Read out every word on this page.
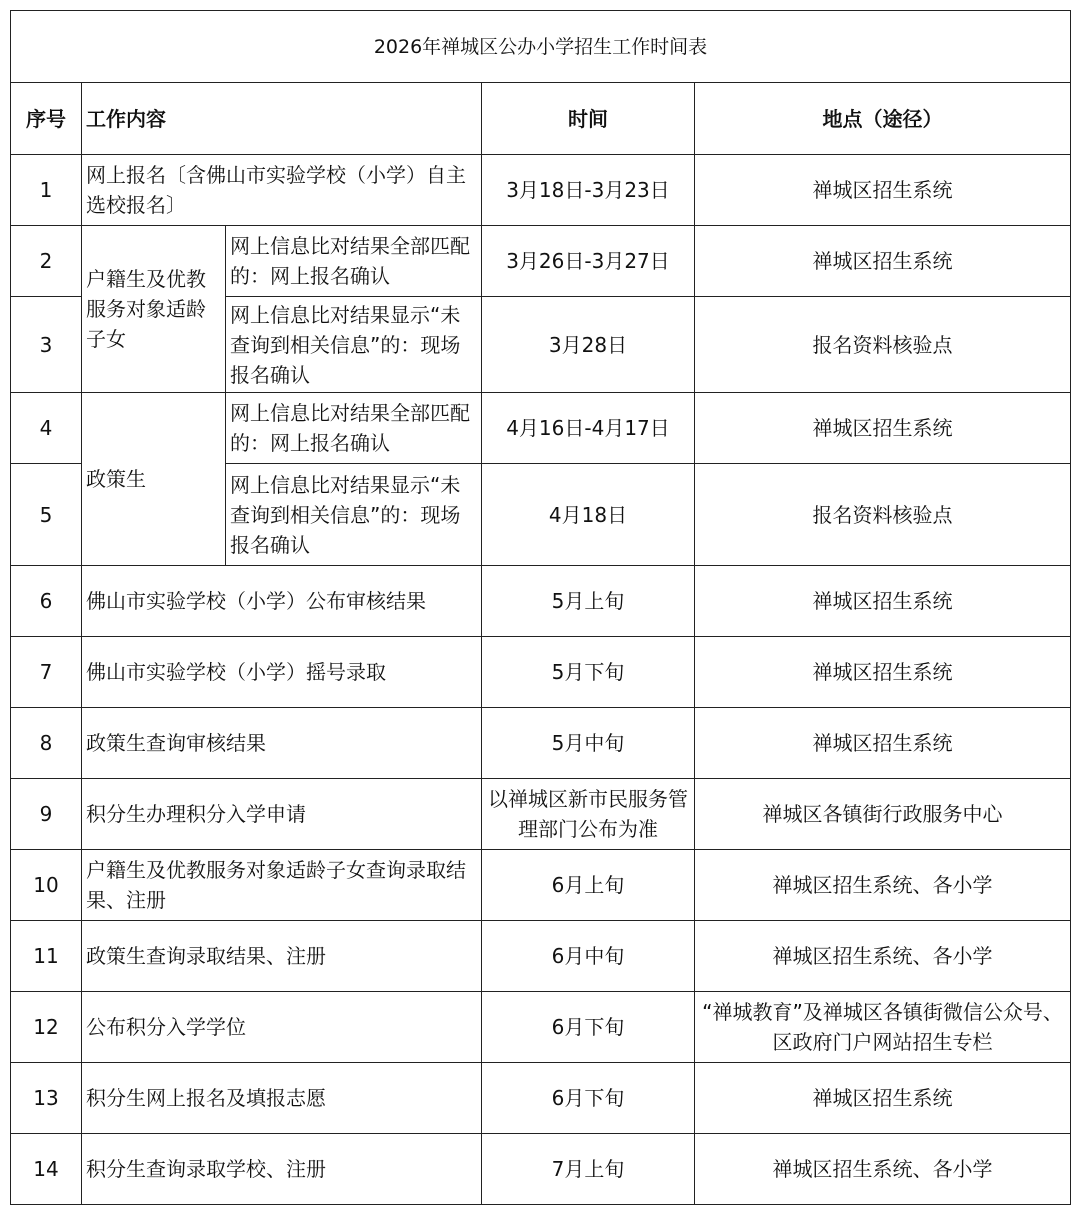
2026年禅城区公办小学招生工作时间表				
序号	工作内容		时间	地点（途径）
1	网上报名〔含佛山市实验学校（小学）自主选校报名〕		3月18日-3月23日	禅城区招生系统
2	户籍生及优教服务对象适龄子女	网上信息比对结果全部匹配的：网上报名确认	3月26日-3月27日	禅城区招生系统
3		网上信息比对结果显示“未查询到相关信息”的：现场报名确认	3月28日	报名资料核验点
4	政策生	网上信息比对结果全部匹配的：网上报名确认	4月16日-4月17日	禅城区招生系统
5		网上信息比对结果显示“未查询到相关信息”的：现场报名确认	4月18日	报名资料核验点
6	佛山市实验学校（小学）公布审核结果		5月上旬	禅城区招生系统
7	佛山市实验学校（小学）摇号录取		5月下旬	禅城区招生系统
8	政策生查询审核结果		5月中旬	禅城区招生系统
9	积分生办理积分入学申请		以禅城区新市民服务管理部门公布为准	禅城区各镇街行政服务中心
10	户籍生及优教服务对象适龄子女查询录取结果、注册		6月上旬	禅城区招生系统、各小学
11	政策生查询录取结果、注册		6月中旬	禅城区招生系统、各小学
12	公布积分入学学位		6月下旬	“禅城教育”及禅城区各镇街微信公众号、区政府门户网站招生专栏
13	积分生网上报名及填报志愿		6月下旬	禅城区招生系统
14	积分生查询录取学校、注册		7月上旬	禅城区招生系统、各小学
